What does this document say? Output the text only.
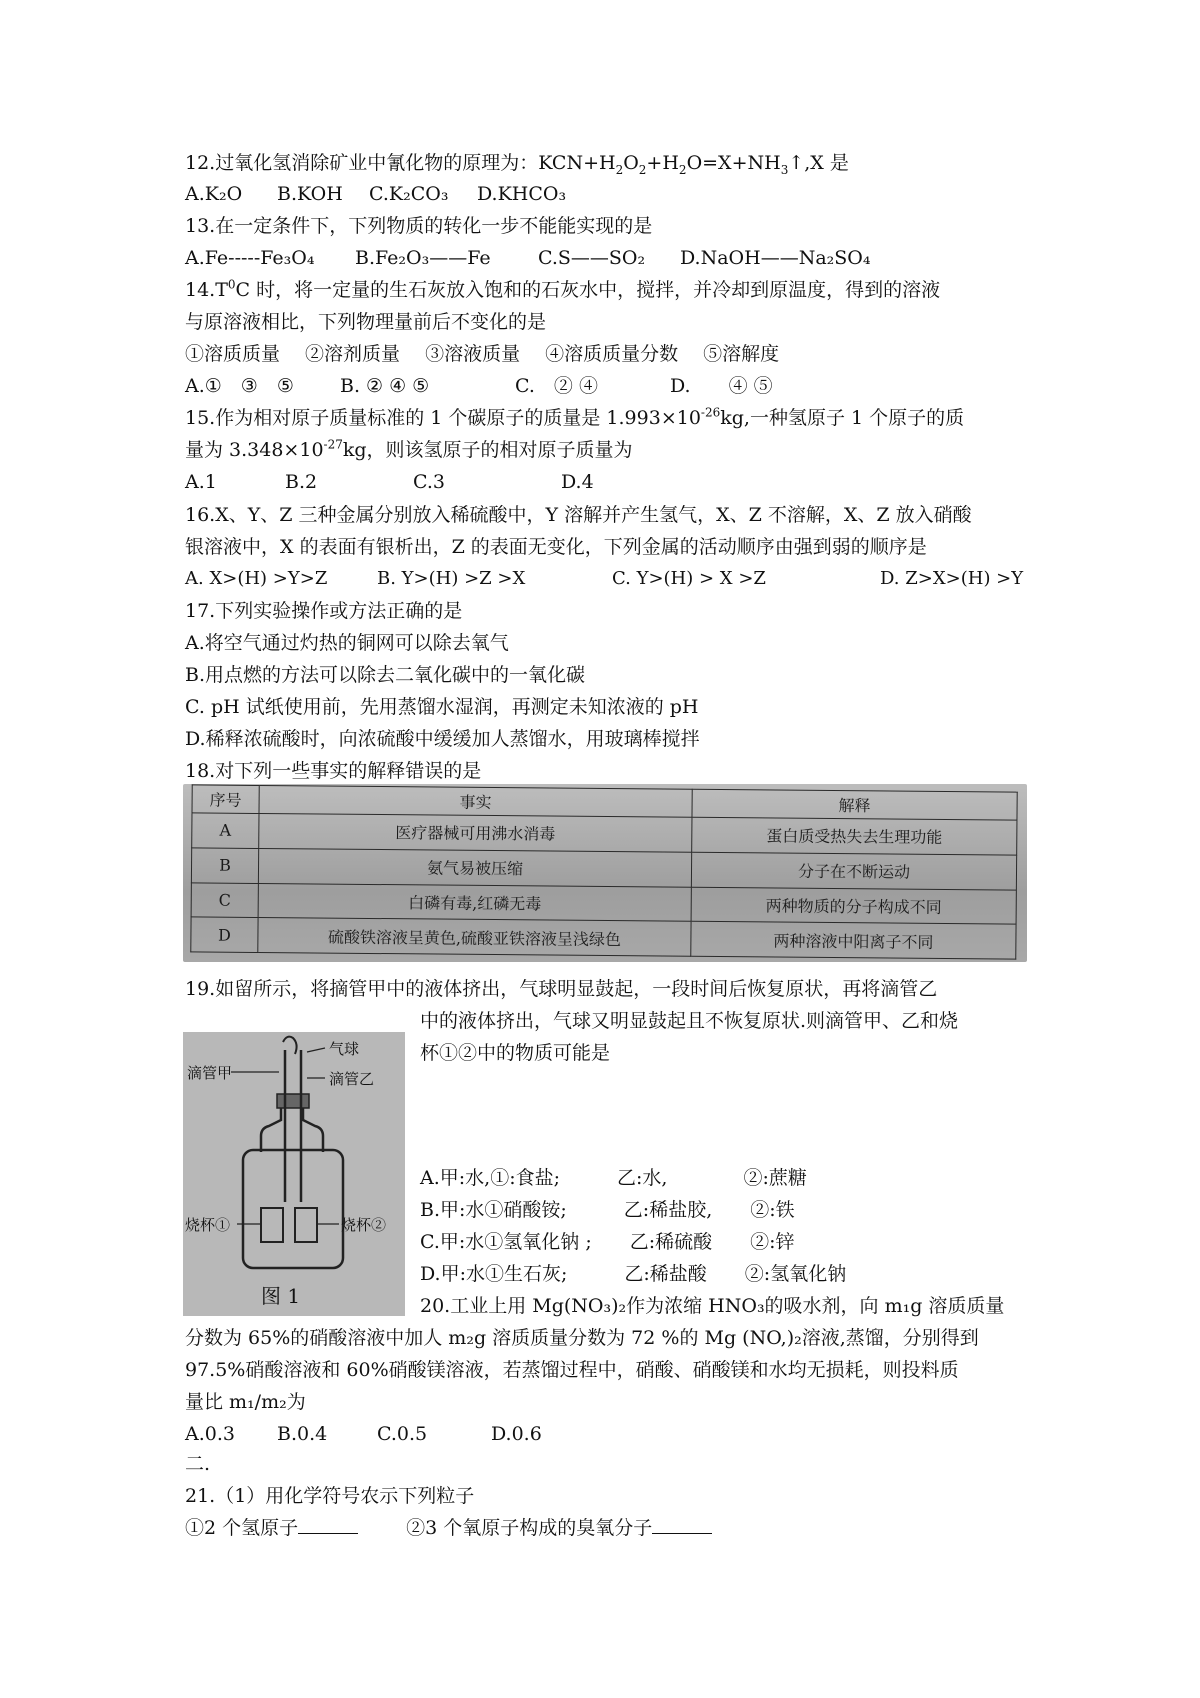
12.过氧化氢消除矿业中氰化物的原理为：$KCN+H_2O_2+H_2O=X+NH_3↑,X$ 是
A.K₂O B.KOH C.K₂CO₃ D.KHCO₃
13.在一定条件下，下列物质的转化一步不能能实现的是
A.Fe-----Fe₃O₄ B.Fe₂O₃——Fe C.S——SO₂ D.NaOH——Na₂SO₄
$14.T^0C$ 时，将一定量的生石灰放入饱和的石灰水中，搅拌，并冷却到原温度，得到的溶液
与原溶液相比，下列物理量前后不变化的是
①溶质质量　 ②溶剂质量　 ③溶液质量　 ④溶质质量分数　 ⑤溶解度
A.①　③　⑤ B. ② ④ ⑤	C.　② ④	D.　　④ ⑤
15.作为相对原子质量标准的 1 个碳原子的质量是 $1.993\times 10^{-26}kg$,一种氢原子 1 个原子的质
量为 $3.348\times 10^{-27}kg$，则该氢原子的相对原子质量为
A.1	B.2	C.3	D.4
16.X、Y、Z 三种金属分别放入稀硫酸中，Y 溶解并产生氢气，X、Z 不溶解，X、Z 放入硝酸
银溶液中，X 的表面有银析出，Z 的表面无变化，下列金属的活动顺序由强到弱的顺序是
A. X>(H) >Y>Z	B. Y>(H) >Z >X	C. Y>(H) > X >Z	D. Z>X>(H) >Y
17.下列实验操作或方法正确的是
A.将空气通过灼热的铜网可以除去氧气
B.用点燃的方法可以除去二氧化碳中的一氧化碳
C. pH 试纸使用前，先用蒸馏水湿润，再测定未知浓液的 pH
D.稀释浓硫酸时，向浓硫酸中缓缓加人蒸馏水，用玻璃棒搅拌
18.对下列一些事实的解释错误的是
序号	事实	解释
A	医疗器械可用沸水消毒	蛋白质受热失去生理功能
B	氨气易被压缩	分子在不断运动
C	白磷有毒,红磷无毒	两种物质的分子构成不同
D	硫酸铁溶液呈黄色,硫酸亚铁溶液呈浅绿色	两种溶液中阳离子不同
19.如留所示，将摘管甲中的液体挤出，气球明显鼓起，一段时间后恢复原状，再将滴管乙
中的液体挤出，气球又明显鼓起且不恢复原状.则滴管甲、乙和烧
杯①②中的物质可能是
滴管甲
气球
滴管乙
烧杯①	烧杯②
图 1
A.甲:水,①:食盐;　　　乙:水,　　　　②:蔗糖
B.甲:水①硝酸铵;　　　乙:稀盐胶,　　②:铁
C.甲:水①氢氧化钠 ;　　乙:稀硫酸　　②:锌
D.甲:水①生石灰;　　　乙:稀盐酸　　②:氢氧化钠
20.工业上用 Mg(NO₃)₂作为浓缩 HNO₃的吸水剂，向 m₁g 溶质质量
分数为 65%的硝酸溶液中加人 m₂g 溶质质量分数为 72 %的 Mg (NO,)₂溶液,蒸馏，分别得到
97.5%硝酸溶液和 60%硝酸镁溶液，若蒸馏过程中，硝酸、硝酸镁和水均无损耗，则投料质
量比 m₁/m₂为
A.0.3 B.0.4	C.0.5	D.0.6
二.
21.（1）用化学符号农示下列粒子
①2 个氢原子	②3 个氧原子构成的臭氧分子
